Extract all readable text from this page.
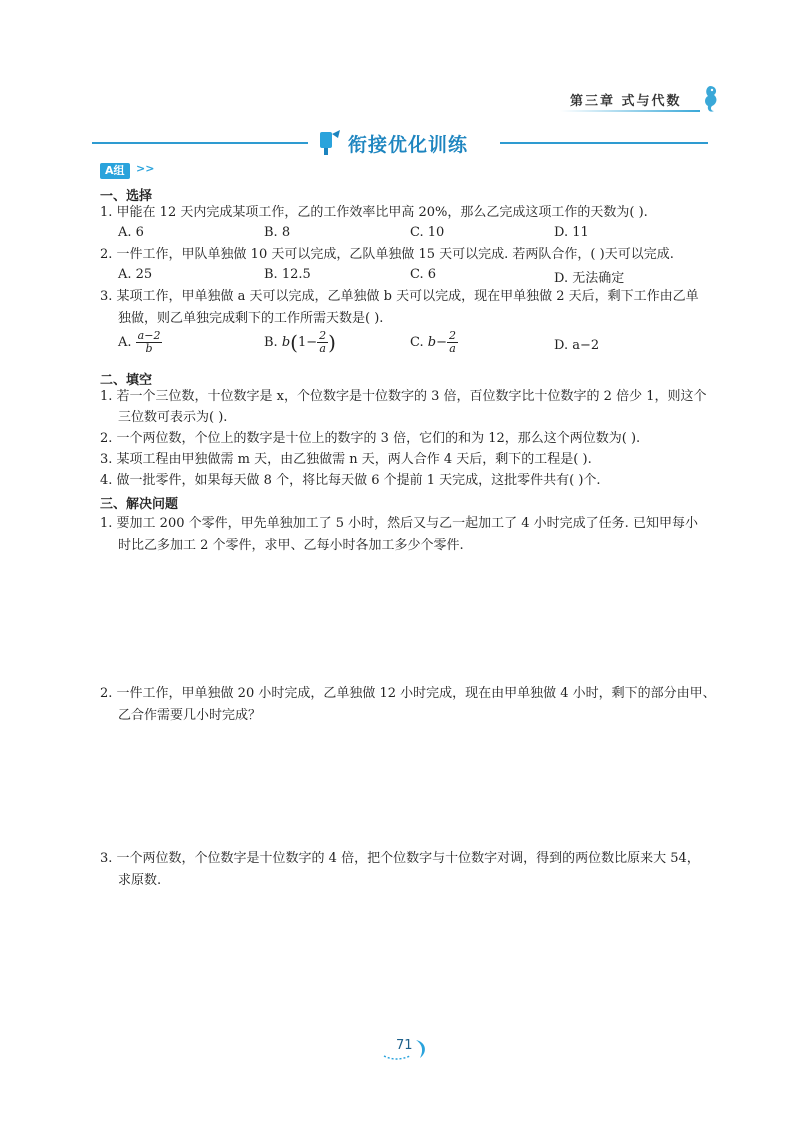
第三章 式与代数
衔接优化训练
A组	>>
一、选择
1. 甲能在 12 天内完成某项工作，乙的工作效率比甲高 20%，那么乙完成这项工作的天数为( ).
A. 6	B. 8	C. 10	D. 11
2. 一件工作，甲队单独做 10 天可以完成，乙队单独做 15 天可以完成. 若两队合作，( )天可以完成.
A. 25	B. 12.5	C. 6	D. 无法确定
3. 某项工作，甲单独做 a 天可以完成，乙单独做 b 天可以完成，现在甲单独做 2 天后，剩下工作由乙单
独做，则乙单独完成剩下的工作所需天数是( ).
A. $\frac{a-2}{b}$	B. $b(1- \frac{2}{a}$ )	C. $b- \frac{2}{a}$	D. a−2
二、填空
1. 若一个三位数，十位数字是 x，个位数字是十位数字的 3 倍，百位数字比十位数字的 2 倍少 1，则这个
三位数可表示为( ).
2. 一个两位数，个位上的数字是十位上的数字的 3 倍，它们的和为 12，那么这个两位数为( ).
3. 某项工程由甲独做需 m 天，由乙独做需 n 天，两人合作 4 天后，剩下的工程是( ).
4. 做一批零件，如果每天做 8 个，将比每天做 6 个提前 1 天完成，这批零件共有( )个.
三、解决问题
1. 要加工 200 个零件，甲先单独加工了 5 小时，然后又与乙一起加工了 4 小时完成了任务. 已知甲每小
时比乙多加工 2 个零件，求甲、乙每小时各加工多少个零件.
2. 一件工作，甲单独做 20 小时完成，乙单独做 12 小时完成，现在由甲单独做 4 小时，剩下的部分由甲、
乙合作需要几小时完成？
3. 一个两位数，个位数字是十位数字的 4 倍，把个位数字与十位数字对调，得到的两位数比原来大 54，
求原数.
71
